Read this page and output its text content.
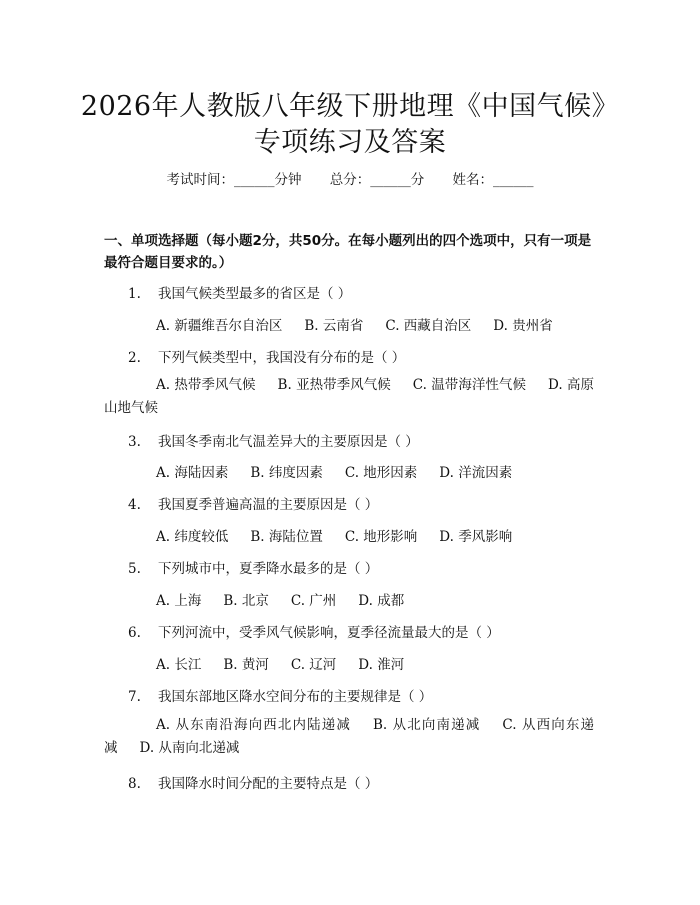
2026年人教版八年级下册地理《中国气候》
专项练习及答案
考试时间：______分钟 总分：______分 姓名：______
一、单项选择题（每小题2分，共50分。在每小题列出的四个选项中，只有一项是最符合题目要求的。）
1. 我国气候类型最多的省区是（ ）
A. 新疆维吾尔自治区 B. 云南省 C. 西藏自治区 D. 贵州省
2. 下列气候类型中，我国没有分布的是（ ）
A. 热带季风气候 B. 亚热带季风气候 C. 温带海洋性气候 D. 高原山地气候
3. 我国冬季南北气温差异大的主要原因是（ ）
A. 海陆因素 B. 纬度因素 C. 地形因素 D. 洋流因素
4. 我国夏季普遍高温的主要原因是（ ）
A. 纬度较低 B. 海陆位置 C. 地形影响 D. 季风影响
5. 下列城市中，夏季降水最多的是（ ）
A. 上海 B. 北京 C. 广州 D. 成都
6. 下列河流中，受季风气候影响，夏季径流量最大的是（ ）
A. 长江 B. 黄河 C. 辽河 D. 淮河
7. 我国东部地区降水空间分布的主要规律是（ ）
A. 从东南沿海向西北内陆递减 B. 从北向南递减 C. 从西向东递减 D. 从南向北递减
8. 我国降水时间分配的主要特点是（ ）
